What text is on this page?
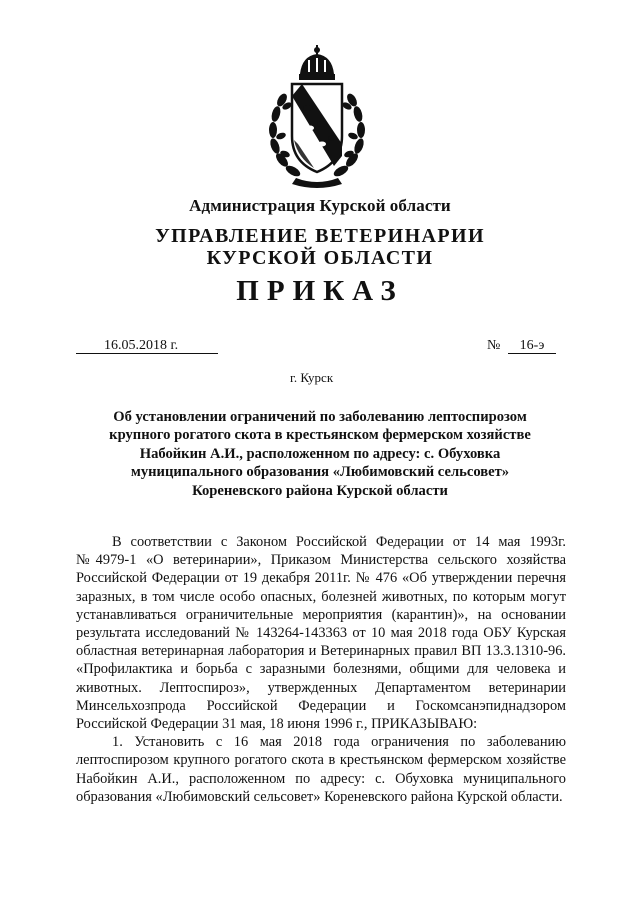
Администрация Курской области
УПРАВЛЕНИЕ ВЕТЕРИНАРИИ
КУРСКОЙ ОБЛАСТИ
ПРИКАЗ
16.05.2018 г.	№	16-э
г. Курск
Об установлении ограничений по заболеванию лептоспирозом
крупного рогатого скота в крестьянском фермерском хозяйстве
Набойкин А.И., расположенном по адресу: с. Обуховка
муниципального образования «Любимовский сельсовет»
Кореневского района Курской области

В соответствии с Законом Российской Федерации от 14 мая 1993г. №4979-1 «О ветеринарии», Приказом Министерства сельского хозяйства Российской Федерации от 19 декабря 2011г. № 476 «Об утверждении перечня заразных, в том числе особо опасных, болезней животных, по которым могут устанавливаться ограничительные мероприятия (карантин)», на основании результата исследований № 143264-143363 от 10 мая 2018 года ОБУ Курская областная ветеринарная лаборатория и Ветеринарных правил ВП 13.3.1310-96. «Профилактика и борьба с заразными болезнями, общими для человека и животных. Лептоспироз», утвержденных Департаментом ветеринарии Минсельхозпрода Российской Федерации и Госкомсанэпиднадзором Российской Федерации 31 мая, 18 июня 1996 г., ПРИКАЗЫВАЮ:

1. Установить с 16 мая 2018 года ограничения по заболеванию лептоспирозом крупного рогатого скота в крестьянском фермерском хозяйстве Набойкин А.И., расположенном по адресу: с. Обуховка муниципального образования «Любимовский сельсовет» Кореневского района Курской области.
